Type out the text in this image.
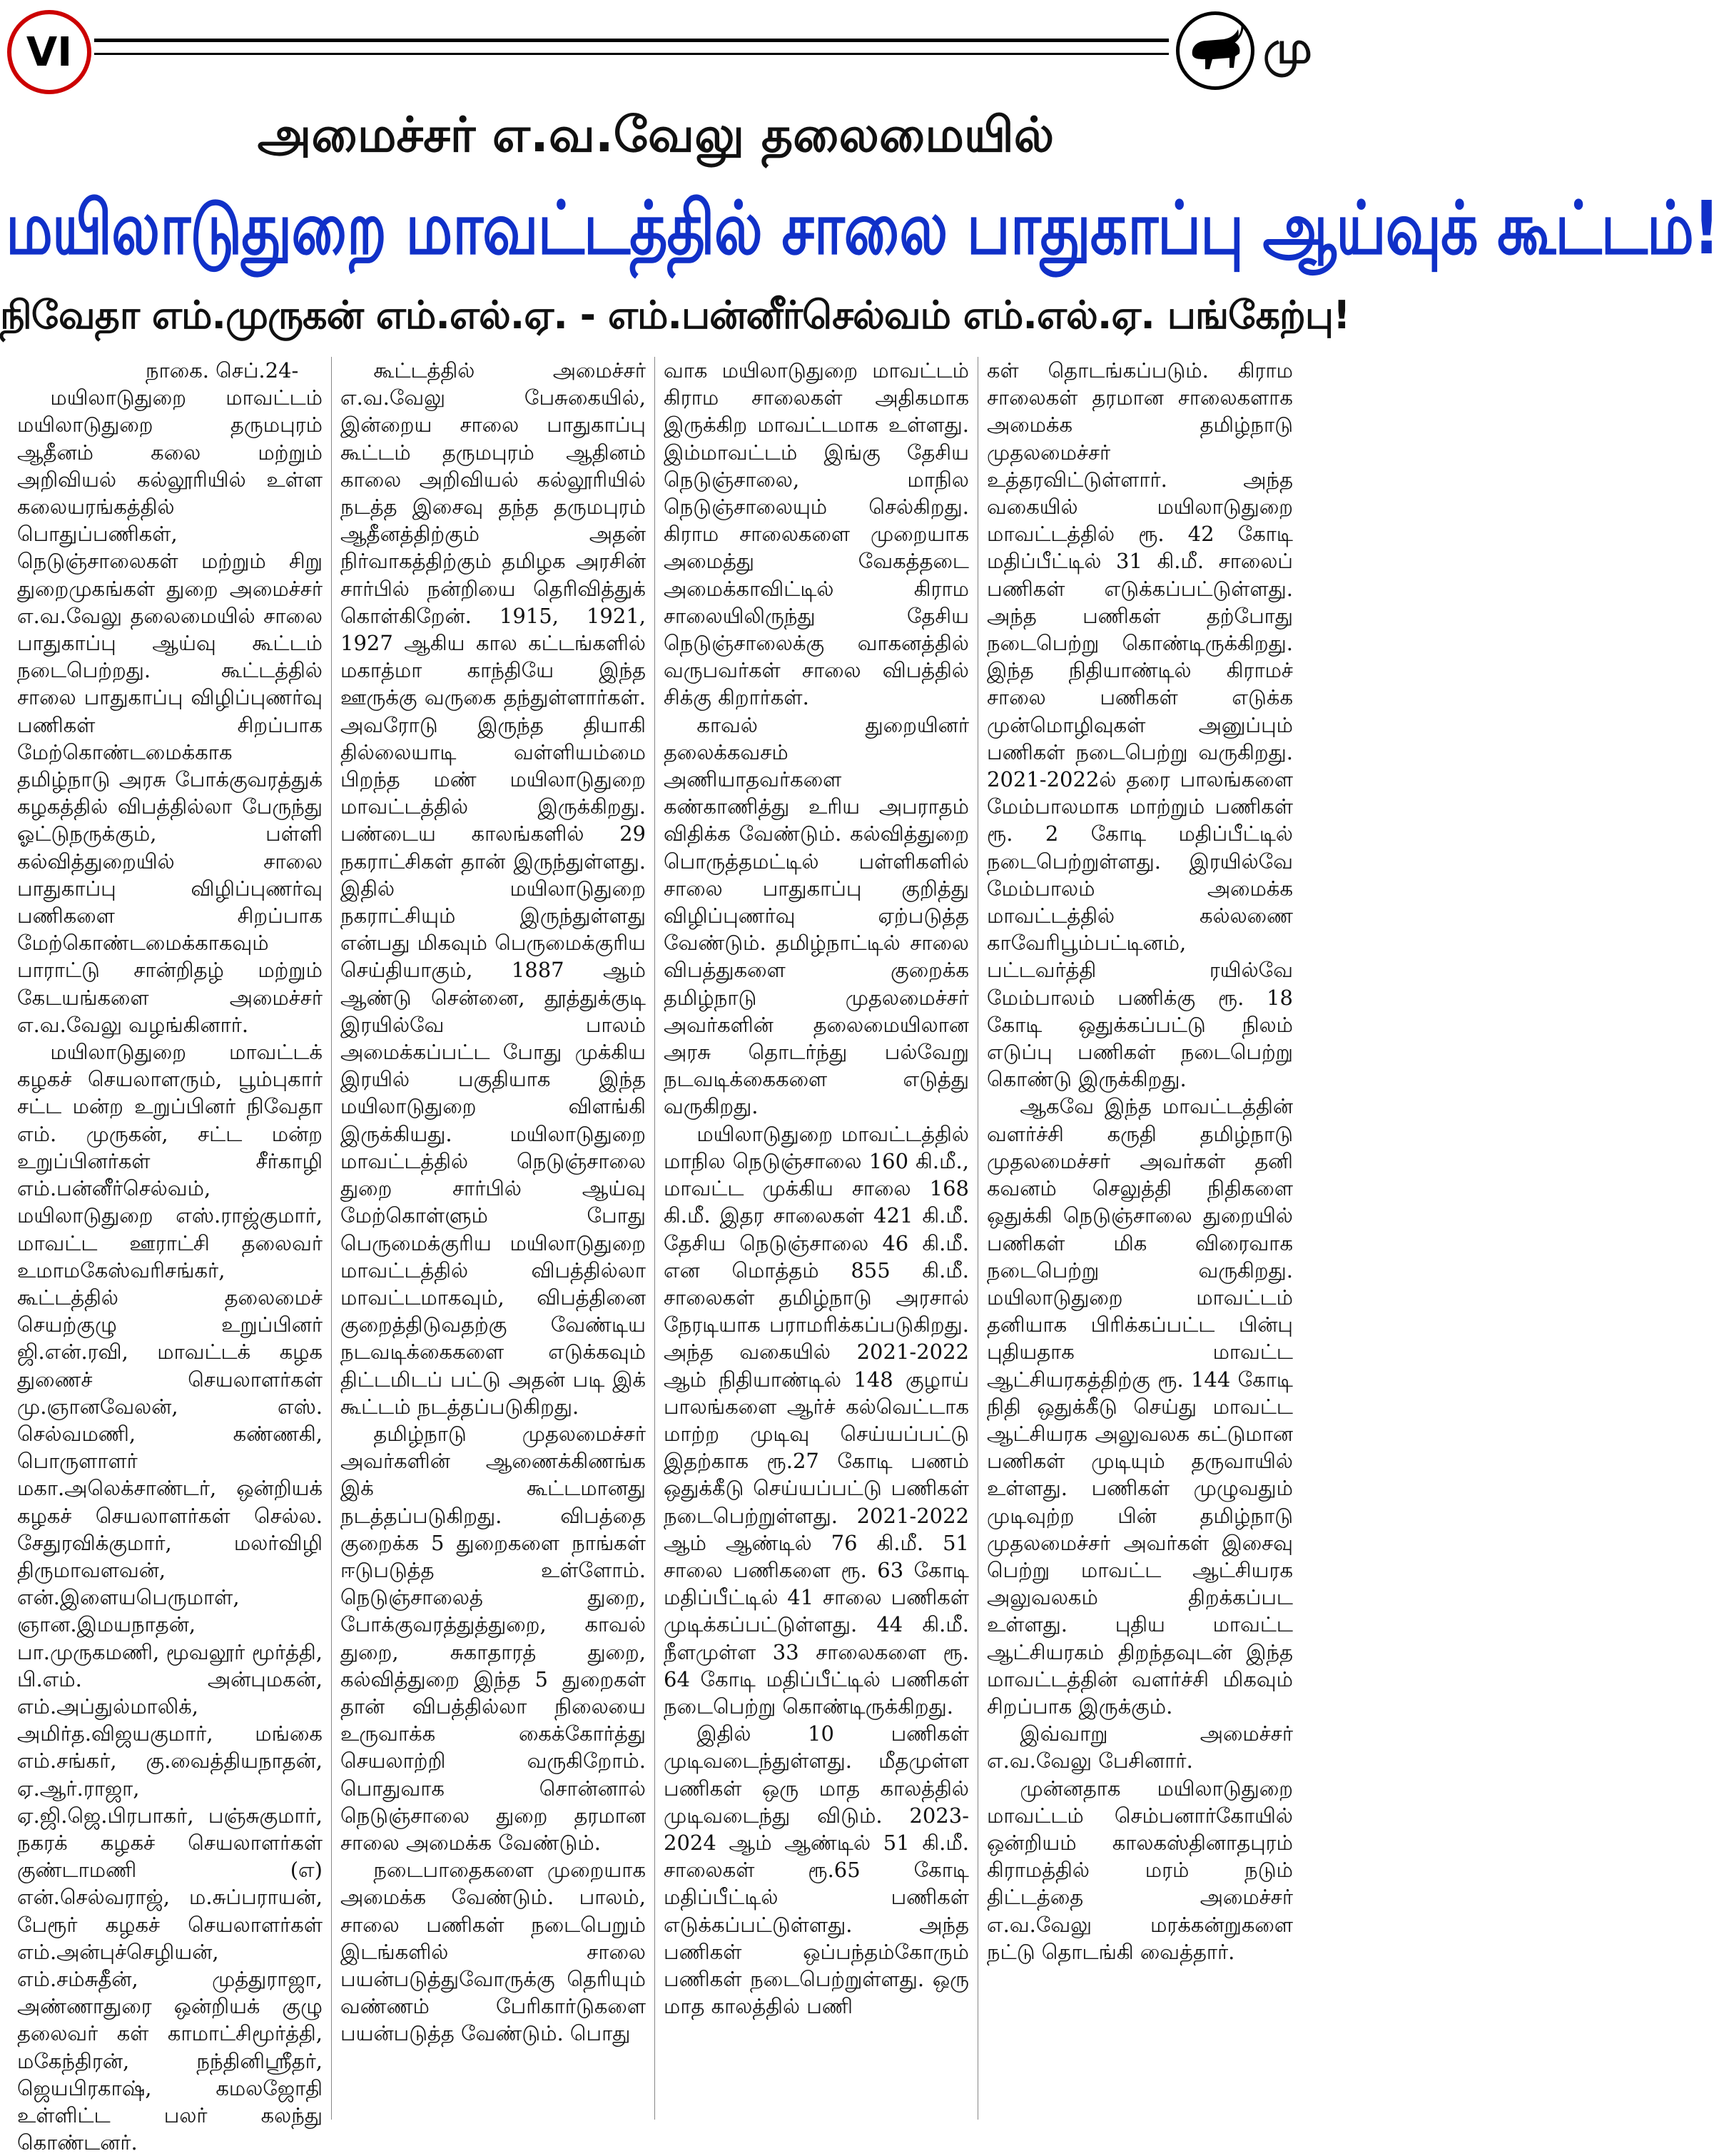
VI	மு
அமைச்சர் எ.வ.வேலு தலைமையில்
மயிலாடுதுறை மாவட்டத்தில் சாலை பாதுகாப்பு ஆய்வுக் கூட்டம்!
நிவேதா எம்.முருகன் எம்.எல்.ஏ. - எம்.பன்னீர்செல்வம் எம்.எல்.ஏ. பங்கேற்பு!

நாகை. செப்.24-

மயிலாடுதுறை மாவட்டம் மயிலாடுதுறை தருமபுரம் ஆதீனம் கலை மற்றும் அறிவியல் கல்லூரியில் உள்ள கலையரங்கத்தில் பொதுப்பணிகள், நெடுஞ்சாலைகள் மற்றும் சிறு துறைமுகங்கள் துறை அமைச்சர் எ.வ.வேலு தலைமையில் சாலை பாதுகாப்பு ஆய்வு கூட்டம் நடைபெற்றது. கூட்டத்தில் சாலை பாதுகாப்பு விழிப்புணர்வு பணிகள் சிறப்பாக மேற்கொண்டமைக்காக தமிழ்நாடு அரசு போக்குவரத்துக் கழகத்தில் விபத்தில்லா பேருந்து ஓட்டுநருக்கும், பள்ளி கல்வித்துறையில் சாலை பாதுகாப்பு விழிப்புணர்வு பணிகளை சிறப்பாக மேற்கொண்டமைக்காகவும் பாராட்டு சான்றிதழ் மற்றும் கேடயங்களை அமைச்சர் எ.வ.வேலு வழங்கினார்.

மயிலாடுதுறை மாவட்டக் கழகச் செயலாளரும், பூம்புகார் சட்ட மன்ற உறுப்பினர் நிவேதா எம். முருகன், சட்ட மன்ற உறுப்பினர்கள் சீர்காழி எம்.பன்னீர்செல்வம், மயிலாடுதுறை எஸ்.ராஜ்குமார், மாவட்ட ஊராட்சி தலைவர் உமாமகேஸ்வரிசங்கர், கூட்டத்தில் தலைமைச் செயற்குழு உறுப்பினர் ஜி.என்.ரவி, மாவட்டக் கழக துணைச் செயலாளர்கள் மு.ஞானவேலன், எஸ். செல்வமணி, கண்ணகி, பொருளாளர் மகா.அலெக்சாண்டர், ஒன்றியக் கழகச் செயலாளர்கள் செல்ல. சேதுரவிக்குமார், மலர்விழி திருமாவளவன், என்.இளையபெருமாள், ஞான.இமயநாதன், பா.முருகமணி, மூவலூர் மூர்த்தி, பி.எம். அன்புமகன், எம்.அப்துல்மாலிக், அமிர்த.விஜயகுமார், மங்கை எம்.சங்கர், கு.வைத்தியநாதன், ஏ.ஆர்.ராஜா, ஏ.ஜி.ஜெ.பிரபாகர், பஞ்சுகுமார், நகரக் கழகச் செயலாளர்கள் குண்டாமணி (எ) என்.செல்வராஜ், ம.சுப்பராயன், பேரூர் கழகச் செயலாளர்கள் எம்.அன்புச்செழியன், எம்.சம்சுதீன், முத்துராஜா, அண்ணாதுரை ஒன்றியக் குழு தலைவர் கள் காமாட்சிமூர்த்தி, மகேந்திரன், நந்தினிஸ்ரீதர், ஜெயபிரகாஷ், கமலஜோதி உள்ளிட்ட பலர் கலந்து கொண்டனர்.

கூட்டத்தில் அமைச்சர் எ.வ.வேலு பேசுகையில், இன்றைய சாலை பாதுகாப்பு கூட்டம் தருமபுரம் ஆதினம் காலை அறிவியல் கல்லூரியில் நடத்த இசைவு தந்த தருமபுரம் ஆதீனத்திற்கும் அதன் நிர்வாகத்திற்கும் தமிழக அரசின் சார்பில் நன்றியை தெரிவித்துக் கொள்கிறேன். 1915, 1921, 1927 ஆகிய கால கட்டங்களில் மகாத்மா காந்தியே இந்த ஊருக்கு வருகை தந்துள்ளார்கள். அவரோடு இருந்த தியாகி தில்லையாடி வள்ளியம்மை பிறந்த மண் மயிலாடுதுறை மாவட்டத்தில் இருக்கிறது. பண்டைய காலங்களில் 29 நகராட்சிகள் தான் இருந்துள்ளது. இதில் மயிலாடுதுறை நகராட்சியும் இருந்துள்ளது என்பது மிகவும் பெருமைக்குரிய செய்தியாகும், 1887 ஆம் ஆண்டு சென்னை, தூத்துக்குடி இரயில்வே பாலம் அமைக்கப்பட்ட போது முக்கிய இரயில் பகுதியாக இந்த மயிலாடுதுறை விளங்கி இருக்கியது. மயிலாடுதுறை மாவட்டத்தில் நெடுஞ்சாலை துறை சார்பில் ஆய்வு மேற்கொள்ளும் போது பெருமைக்குரிய மயிலாடுதுறை மாவட்டத்தில் விபத்தில்லா மாவட்டமாகவும், விபத்தினை குறைத்திடுவதற்கு வேண்டிய நடவடிக்கைகளை எடுக்கவும் திட்டமிடப் பட்டு அதன் படி இக் கூட்டம் நடத்தப்படுகிறது.

தமிழ்நாடு முதலமைச்சர் அவர்களின் ஆணைக்கிணங்க இக் கூட்டமானது நடத்தப்படுகிறது. விபத்தை குறைக்க 5 துறைகளை நாங்கள் ஈடுபடுத்த உள்ளோம். நெடுஞ்சாலைத் துறை, போக்குவரத்துத்துறை, காவல் துறை, சுகாதாரத் துறை, கல்வித்துறை இந்த 5 துறைகள் தான் விபத்தில்லா நிலையை உருவாக்க கைக்கோர்த்து செயலாற்றி வருகிறோம். பொதுவாக சொன்னால் நெடுஞ்சாலை துறை தரமான சாலை அமைக்க வேண்டும்.

நடைபாதைகளை முறையாக அமைக்க வேண்டும். பாலம், சாலை பணிகள் நடைபெறும் இடங்களில் சாலை பயன்படுத்துவோருக்கு தெரியும் வண்ணம் பேரிகார்டுகளை பயன்படுத்த வேண்டும். பொது

வாக மயிலாடுதுறை மாவட்டம் கிராம சாலைகள் அதிகமாக இருக்கிற மாவட்டமாக உள்ளது. இம்மாவட்டம் இங்கு தேசிய நெடுஞ்சாலை, மாநில நெடுஞ்சாலையும் செல்கிறது. கிராம சாலைகளை முறையாக அமைத்து வேகத்தடை அமைக்காவிட்டில் கிராம சாலையிலிருந்து தேசிய நெடுஞ்சாலைக்கு வாகனத்தில் வருபவர்கள் சாலை விபத்தில் சிக்கு கிறார்கள்.

காவல் துறையினர் தலைக்கவசம் அணியாதவர்களை கண்காணித்து உரிய அபராதம் விதிக்க வேண்டும். கல்வித்துறை பொருத்தமட்டில் பள்ளிகளில் சாலை பாதுகாப்பு குறித்து விழிப்புணர்வு ஏற்படுத்த வேண்டும். தமிழ்நாட்டில் சாலை விபத்துகளை குறைக்க தமிழ்நாடு முதலமைச்சர் அவர்களின் தலைமையிலான அரசு தொடர்ந்து பல்வேறு நடவடிக்கைகளை எடுத்து வருகிறது.

மயிலாடுதுறை மாவட்டத்தில் மாநில நெடுஞ்சாலை 160 கி.மீ., மாவட்ட முக்கிய சாலை 168 கி.மீ. இதர சாலைகள் 421 கி.மீ. தேசிய நெடுஞ்சாலை 46 கி.மீ. என மொத்தம் 855 கி.மீ. சாலைகள் தமிழ்நாடு அரசால் நேரடியாக பராமரிக்கப்படுகிறது. அந்த வகையில் 2021-2022 ஆம் நிதியாண்டில் 148 குழாய் பாலங்களை ஆர்ச் கல்வெட்டாக மாற்ற முடிவு செய்யப்பட்டு இதற்காக ரூ.27 கோடி பணம் ஒதுக்கீடு செய்யப்பட்டு பணிகள் நடைபெற்றுள்ளது. 2021-2022 ஆம் ஆண்டில் 76 கி.மீ. 51 சாலை பணிகளை ரூ. 63 கோடி மதிப்பீட்டில் 41 சாலை பணிகள் முடிக்கப்பட்டுள்ளது. 44 கி.மீ. நீளமுள்ள 33 சாலைகளை ரூ. 64 கோடி மதிப்பீட்டில் பணிகள் நடைபெற்று கொண்டிருக்கிறது.

இதில் 10 பணிகள் முடிவடைந்துள்ளது. மீதமுள்ள பணிகள் ஒரு மாத காலத்தில் முடிவடைந்து விடும். 2023-2024 ஆம் ஆண்டில் 51 கி.மீ. சாலைகள் ரூ.65 கோடி மதிப்பீட்டில் பணிகள் எடுக்கப்பட்டுள்ளது. அந்த பணிகள் ஒப்பந்தம்கோரும் பணிகள் நடைபெற்றுள்ளது. ஒரு மாத காலத்தில் பணி

கள் தொடங்கப்படும். கிராம சாலைகள் தரமான சாலைகளாக அமைக்க தமிழ்நாடு முதலமைச்சர் உத்தரவிட்டுள்ளார். அந்த வகையில் மயிலாடுதுறை மாவட்டத்தில் ரூ. 42 கோடி மதிப்பீட்டில் 31 கி.மீ. சாலைப் பணிகள் எடுக்கப்பட்டுள்ளது. அந்த பணிகள் தற்போது நடைபெற்று கொண்டிருக்கிறது. இந்த நிதியாண்டில் கிராமச் சாலை பணிகள் எடுக்க முன்மொழிவுகள் அனுப்பும் பணிகள் நடைபெற்று வருகிறது. 2021-2022ல் தரை பாலங்களை மேம்பாலமாக மாற்றும் பணிகள் ரூ. 2 கோடி மதிப்பீட்டில் நடைபெற்றுள்ளது. இரயில்வே மேம்பாலம் அமைக்க மாவட்டத்தில் கல்லணை காவேரிபூம்பட்டினம், பட்டவர்த்தி ரயில்வே மேம்பாலம் பணிக்கு ரூ. 18 கோடி ஒதுக்கப்பட்டு நிலம் எடுப்பு பணிகள் நடைபெற்று கொண்டு இருக்கிறது.

ஆகவே இந்த மாவட்டத்தின் வளர்ச்சி கருதி தமிழ்நாடு முதலமைச்சர் அவர்கள் தனி கவனம் செலுத்தி நிதிகளை ஒதுக்கி நெடுஞ்சாலை துறையில் பணிகள் மிக விரைவாக நடைபெற்று வருகிறது. மயிலாடுதுறை மாவட்டம் தனியாக பிரிக்கப்பட்ட பின்பு புதியதாக மாவட்ட ஆட்சியரகத்திற்கு ரூ. 144 கோடி நிதி ஒதுக்கீடு செய்து மாவட்ட ஆட்சியரக அலுவலக கட்டுமான பணிகள் முடியும் தருவாயில் உள்ளது. பணிகள் முழுவதும் முடிவுற்ற பின் தமிழ்நாடு முதலமைச்சர் அவர்கள் இசைவு பெற்று மாவட்ட ஆட்சியரக அலுவலகம் திறக்கப்பட உள்ளது. புதிய மாவட்ட ஆட்சியரகம் திறந்தவுடன் இந்த மாவட்டத்தின் வளர்ச்சி மிகவும் சிறப்பாக இருக்கும்.

இவ்வாறு அமைச்சர் எ.வ.வேலு பேசினார்.

முன்னதாக மயிலாடுதுறை மாவட்டம் செம்பனார்கோயில் ஒன்றியம் காலகஸ்தினாதபுரம் கிராமத்தில் மரம் நடும் திட்டத்தை அமைச்சர் எ.வ.வேலு மரக்கன்றுகளை நட்டு தொடங்கி வைத்தார்.
